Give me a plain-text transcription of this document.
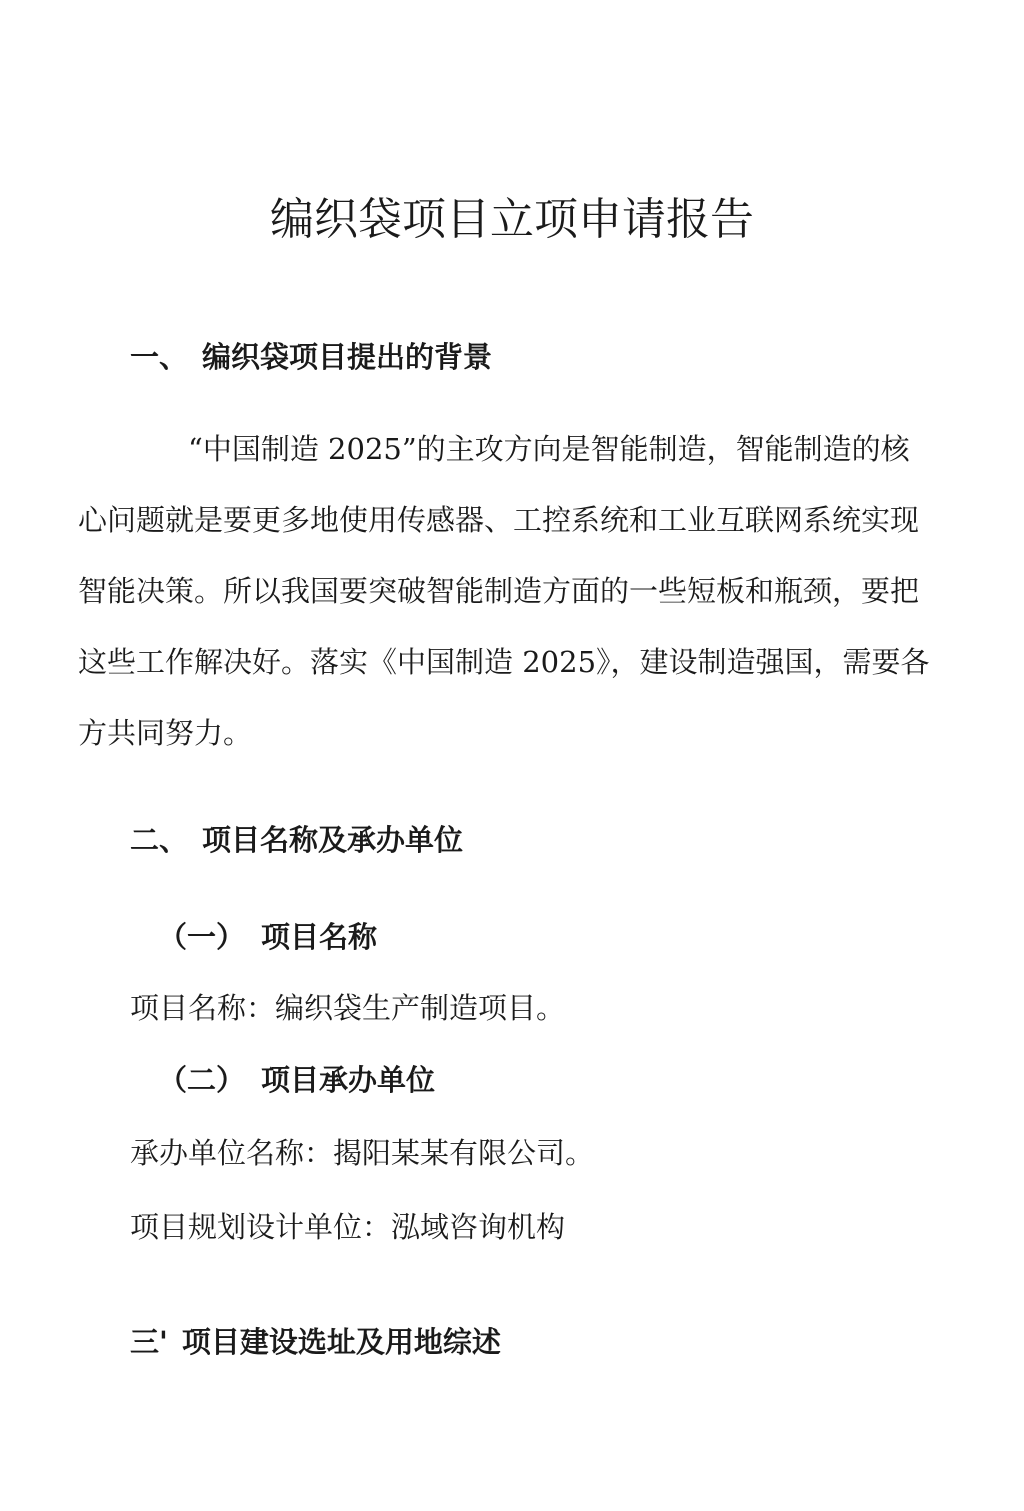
编织袋项目立项申请报告
一、 编织袋项目提出的背景

“中国制造 2025”的主攻方向是智能制造，智能制造的核心问题就是要更多地使用传感器、工控系统和工业互联网系统实现智能决策。所以我国要突破智能制造方面的一些短板和瓶颈，要把这些工作解决好。落实《中国制造 2025》，建设制造强国，需要各方共同努力。

二、 项目名称及承办单位
（一） 项目名称

项目名称：编织袋生产制造项目。

（二） 项目承办单位

承办单位名称：揭阳某某有限公司。

项目规划设计单位：泓域咨询机构

三' 项目建设选址及用地综述
